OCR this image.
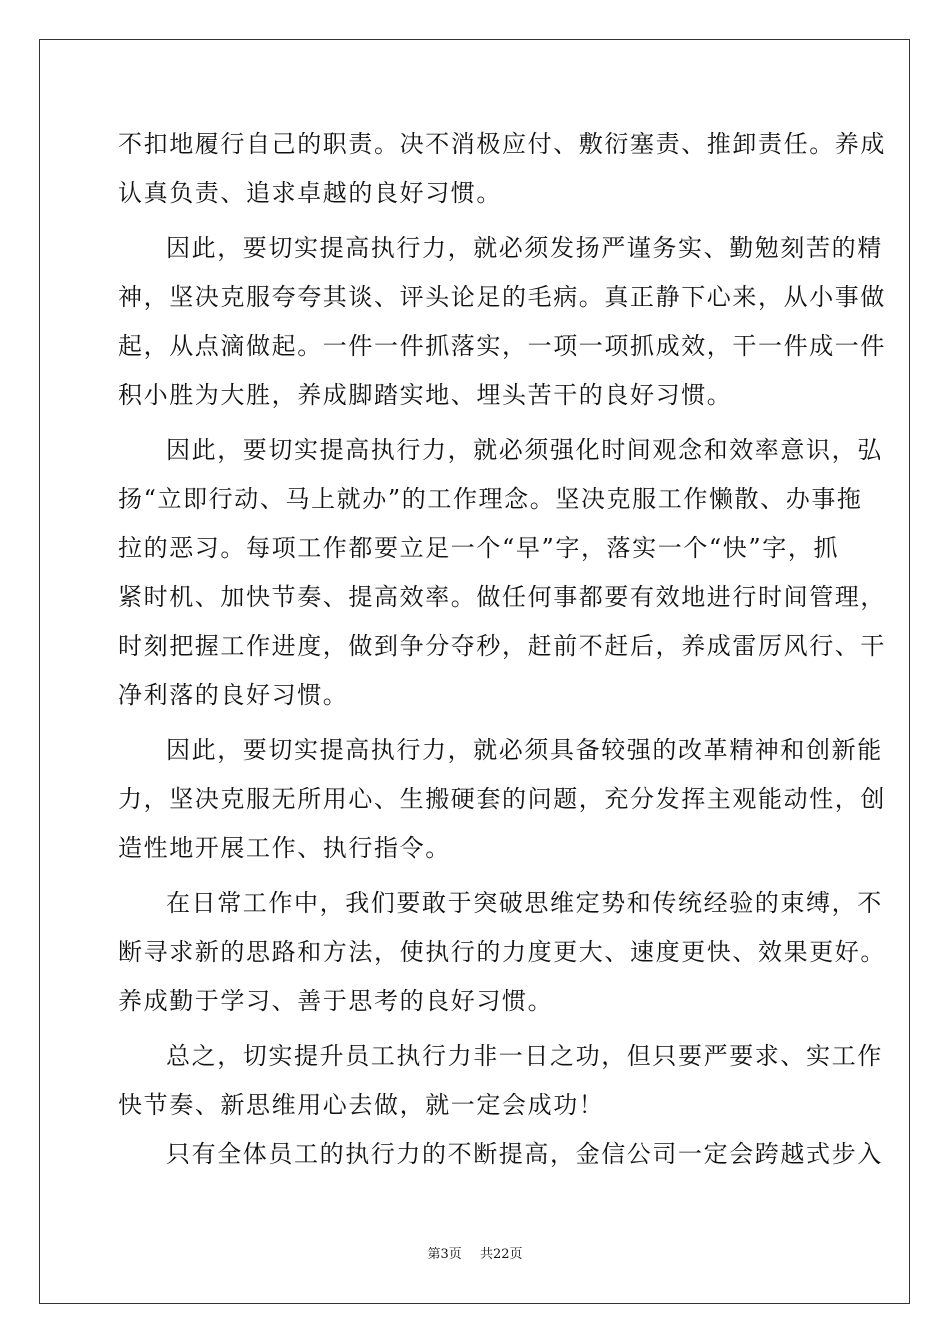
不扣地履行自己的职责。决不消极应付、敷衍塞责、推卸责任。养成
认真负责、追求卓越的良好习惯。
因此，要切实提高执行力，就必须发扬严谨务实、勤勉刻苦的精
神，坚决克服夸夸其谈、评头论足的毛病。真正静下心来，从小事做
起，从点滴做起。一件一件抓落实，一项一项抓成效，干一件成一件
积小胜为大胜，养成脚踏实地、埋头苦干的良好习惯。
因此，要切实提高执行力，就必须强化时间观念和效率意识，弘
扬“立即行动、马上就办”的工作理念。坚决克服工作懒散、办事拖
拉的恶习。每项工作都要立足一个“早”字，落实一个“快”字，抓
紧时机、加快节奏、提高效率。做任何事都要有效地进行时间管理，
时刻把握工作进度，做到争分夺秒，赶前不赶后，养成雷厉风行、干
净利落的良好习惯。
因此，要切实提高执行力，就必须具备较强的改革精神和创新能
力，坚决克服无所用心、生搬硬套的问题，充分发挥主观能动性，创
造性地开展工作、执行指令。
在日常工作中，我们要敢于突破思维定势和传统经验的束缚，不
断寻求新的思路和方法，使执行的力度更大、速度更快、效果更好。
养成勤于学习、善于思考的良好习惯。
总之，切实提升员工执行力非一日之功，但只要严要求、实工作
快节奏、新思维用心去做，就一定会成功！
只有全体员工的执行力的不断提高，金信公司一定会跨越式步入
第3页 共22页
